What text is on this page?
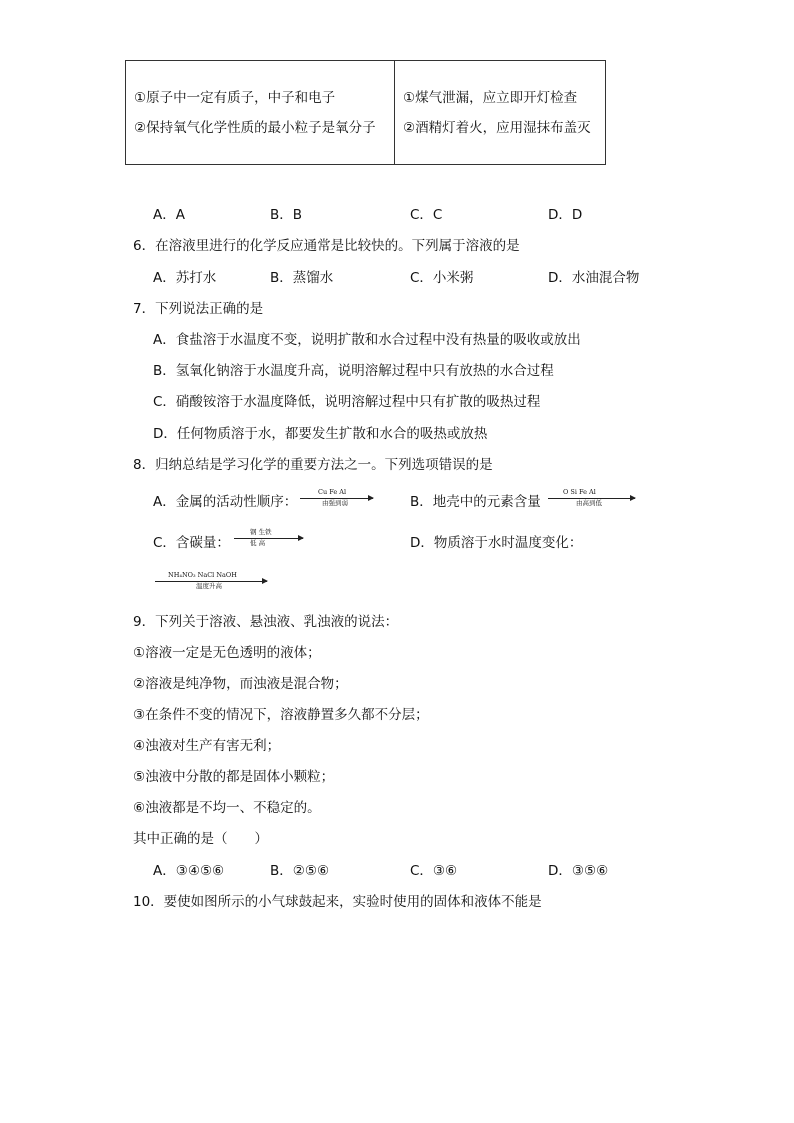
①原子中一定有质子，中子和电子
②保持氧气化学性质的最小粒子是氧分子

①煤气泄漏，应立即开灯检查
②酒精灯着火，应用湿抹布盖灭
A．A	B．B	C．C	D．D
6．在溶液里进行的化学反应通常是比较快的。下列属于溶液的是
A．苏打水	B．蒸馏水	C．小米粥	D．水油混合物
7．下列说法正确的是
A．食盐溶于水温度不变，说明扩散和水合过程中没有热量的吸收或放出
B．氢氧化钠溶于水温度升高，说明溶解过程中只有放热的水合过程
C．硝酸铵溶于水温度降低，说明溶解过程中只有扩散的吸热过程
D．任何物质溶于水，都要发生扩散和水合的吸热或放热
8．归纳总结是学习化学的重要方法之一。下列选项错误的是
A．金属的活动性顺序：
Cu Fe Al
由强到弱	B．地壳中的元素含量
O Si Fe Al
由高到低
C．含碳量：
钢 生铁
低 高	D．物质溶于水时温度变化：
NH₄NO₃ NaCl NaOH
温度升高
9．下列关于溶液、悬浊液、乳浊液的说法：
①溶液一定是无色透明的液体；
②溶液是纯净物，而浊液是混合物；
③在条件不变的情况下，溶液静置多久都不分层；
④浊液对生产有害无利；
⑤浊液中分散的都是固体小颗粒；
⑥浊液都是不均一、不稳定的。
其中正确的是（　　）
A．③④⑤⑥	B．②⑤⑥	C．③⑥	D．③⑤⑥
10．要使如图所示的小气球鼓起来，实验时使用的固体和液体不能是
